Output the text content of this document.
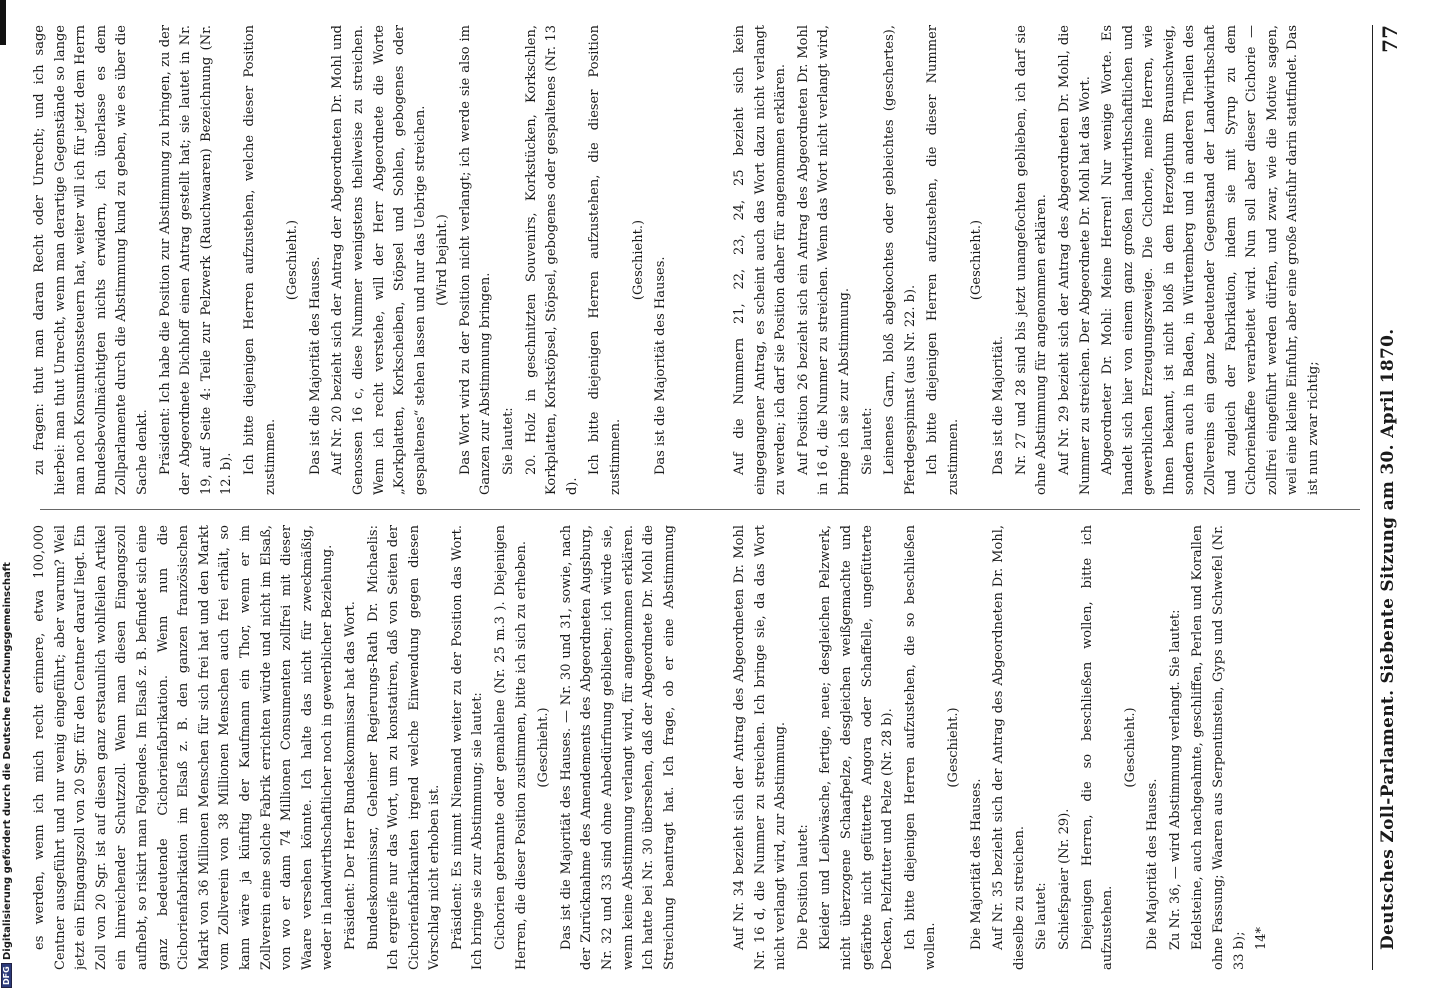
Deutsches Zoll-Parlament. Siebente Sitzung am 30. April 1870.
77

es werden, wenn ich mich recht erinnere, etwa 100,000 Centner ausgeführt und nur wenig eingeführt; aber warum? Weil jetzt ein Eingangszoll von 20 Sgr. für den Centner darauf liegt. Ein Zoll von 20 Sgr. ist auf diesen ganz erstaunlich wohlfeilen Artikel ein hinreichender Schutzzoll. Wenn man diesen Eingangszoll aufhebt, so riskirt man Folgendes. Im Elsaß z. B. befindet sich eine ganz bedeutende Cichorienfabrikation. Wenn nun die Cichorienfabrikation im Elsaß z. B. den ganzen französischen Markt von 36 Millionen Menschen für sich frei hat und den Markt vom Zollverein von 38 Millionen Menschen auch frei erhält, so kann wäre ja künftig der Kaufmann ein Thor, wenn er im Zollverein eine solche Fabrik errichten würde und nicht im Elsaß, von wo er dann 74 Millionen Consumenten zollfrei mit dieser Waare versehen könnte. Ich halte das nicht für zweckmäßig, weder in landwirthschaftlicher noch in gewerblicher Beziehung. Präsident: Der Herr Bundeskommissar hat das Wort. Bundeskommissar, Geheimer Regierungs-Rath Dr. Michaelis: Ich ergreife nur das Wort, um zu konstatiren, daß von Seiten der Cichorienfabrikanten irgend welche Einwendung gegen diesen Vorschlag nicht erhoben ist. Präsident: Es nimmt Niemand weiter zu der Position das Wort. Ich bringe sie zur Abstimmung; sie lautet: Cichorien gebrannte oder gemahlene (Nr. 25 m.3 ). Diejenigen Herren, die dieser Position zustimmen, bitte ich sich zu erheben. (Geschieht.)

Das ist die Majorität des Hauses. — Nr. 30 und 31, sowie, nach der Zurücknahme des Amendements des Abgeordneten Augsburg, Nr. 32 und 33 sind ohne Anbedürfnung geblieben; ich würde sie, wenn keine Abstimmung verlangt wird, für angenommen erklären. Ich hatte bei Nr. 30 übersehen, daß der Abgeordnete Dr. Mohl die Streichung beantragt hat. Ich frage, ob er eine Abstimmung	Auf Nr. 34 bezieht sich der Antrag des Abgeordneten Dr. Mohl Nr. 16 d, die Nummer zu streichen. Ich bringe sie, da das Wort nicht verlangt wird, zur Abstimmung. Die Position lautet: Kleider und Leibwäsche, fertige, neue; desgleichen Pelzwerk, nicht überzogene Schaafpelze, desgleichen weißgemachte und gefärbte nicht gefütterte Angora oder Schaffelle, ungefütterte Decken, Pelzfutter und Pelze (Nr. 28 b). Ich bitte diejenigen Herren aufzustehen, die so beschließen wollen.

(Geschieht.)

Die Majorität des Hauses. Auf Nr. 35 bezieht sich der Antrag des Abgeordneten Dr. Mohl, dieselbe zu streichen. Sie lautet: Schiefspaier (Nr. 29). Diejenigen Herren, die so beschließen wollen, bitte ich aufzustehen.

(Geschieht.)

Die Majorität des Hauses. Zu Nr. 36, — wird Abstimmung verlangt. Sie lautet: Edelsteine, auch nachgeahmte, geschliffen, Perlen und Korallen ohne Fassung; Waaren aus Serpentinstein, Gyps und Schwefel (Nr. 33 b); 14*

zu fragen: thut man daran Recht oder Unrecht; und ich sage hierbei: man thut Unrecht, wenn man derartige Gegenstände so lange man noch Konsumtionssteuern hat, weiter will ich für jetzt dem Herrn Bundesbevollmächtigten nichts erwidern, ich überlasse es dem Zollparlamente durch die Abstimmung kund zu geben, wie es über die Sache denkt. Präsident: Ich habe die Position zur Abstimmung zu bringen, zu der der Abgeordnete Dichhoff einen Antrag gestellt hat; sie lautet in Nr. 19, auf Seite 4: Teile zur Pelzwerk (Rauchwaaren) Bezeichnung (Nr. 12. b). Ich bitte diejenigen Herren aufzustehen, welche dieser Position zustimmen.

(Geschieht.) Das ist die Majorität des Hauses. Auf Nr. 20 bezieht sich der Antrag der Abgeordneten Dr. Mohl und Genossen 16 c, diese Nummer wenigstens theilweise zu streichen. Wenn ich recht verstehe, will der Herr Abgeordnete die Worte „Korkplatten, Korkscheiben, Stöpsel und Sohlen, gebogenes oder gespaltenes“ stehen lassen und nur das Uebrige streichen. (Wird bejaht.) Das Wort wird zu der Position nicht verlangt; ich werde sie also im Ganzen zur Abstimmung bringen. Sie lautet: 20. Holz in geschnitzten Souvenirs, Korkstücken, Korkschlen, Korkplatten, Korkstöpsel, Stöpsel, gebogenes oder gespaltenes (Nr. 13 d).

Ich bitte diejenigen Herren aufzustehen, die dieser Position zustimmen.

(Geschieht.) Das ist die Majorität des Hauses.	Auf die Nummern 21, 22, 23, 24, 25 bezieht sich kein eingegangener Antrag, es scheint auch das Wort dazu nicht verlangt zu werden; ich darf sie Position daher für angenommen erklären. Auf Position 26 bezieht sich ein Antrag des Abgeordneten Dr. Mohl in 16 d, die Nummer zu streichen. Wenn das Wort nicht verlangt wird, bringe ich sie zur Abstimmung. Sie lautet: Leinenes Garn, bloß abgekochtes oder gebleichtes (geschertes), Pferdegespinnst (aus Nr. 22. b). Ich bitte diejenigen Herren aufzustehen, die dieser Nummer zustimmen.

(Geschieht.)

Das ist die Majorität. Nr. 27 und 28 sind bis jetzt unangefochten geblieben, ich darf sie ohne Abstimmung für angenommen erklären. Auf Nr. 29 bezieht sich der Antrag des Abgeordneten Dr. Mohl, die Nummer zu streichen. Der Abgeordnete Dr. Mohl hat das Wort. Abgeordneter Dr. Mohl: Meine Herren! Nur wenige Worte. Es handelt sich hier von einem ganz großen landwirthschaftlichen und gewerblichen Erzeugungszweige. Die Cichorie, meine Herren, wie Ihnen bekannt, ist nicht bloß in dem Herzogthum Braunschweig, sondern auch in Baden, in Würtemberg und in anderen Theilen des Zollvereins ein ganz bedeutender Gegenstand der Landwirthschaft und zugleich der Fabrikation, indem sie mit Syrup zu dem Cichorienkaffee verarbeitet wird. Nun soll aber dieser Cichorie — zollfrei eingeführt werden dürfen, und zwar, wie die Motive sagen, weil eine kleine Einfuhr, aber eine große Ausfuhr darin stattfindet. Das ist nun zwar richtig;

DFG
Digitalisierung gefördert durch die Deutsche Forschungsgemeinschaft
